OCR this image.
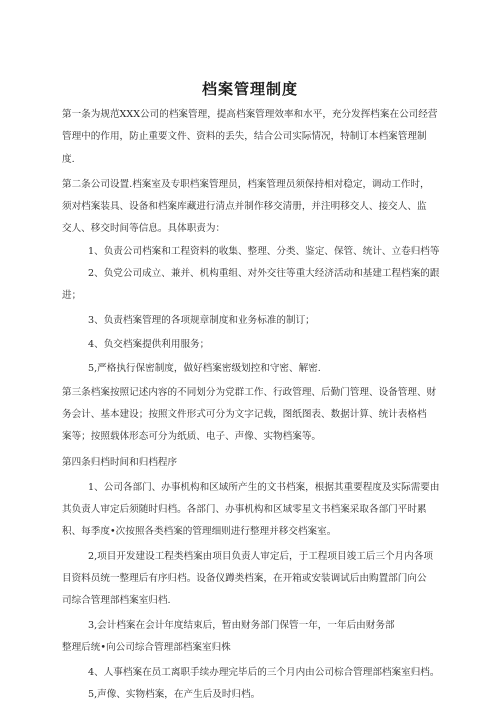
档案管理制度
第一条为规范XXX公司的档案管理，提高档案管理效率和水平，充分发挥档案在公司经营
管理中的作用，防止重要文件、资料的丢失，结合公司实际情况，特制订本档案管理制
度.
第二条公司设置.档案室及专职档案管理员，档案管理员须保持相对稳定，调动工作时，
须对档案装具、设备和档案库藏进行清点并制作移交清册，并注明移交人、接交人、监
交人、移交时间等信息。具体职责为：
1、负责公司档案和工程资料的收集、整理、分类、鉴定、保管、统计、立卷归档等
2、负党公司成立、兼并、机构重组、对外交往等重大经济活动和基建工程档案的跟
进；
3、负责档案管理的各项规章制度和业务标准的制订；
4、负交档案提供利用服务；
5,严格执行保密制度，做好档案密级划控和守密、解密.
第三条档案按照记述内容的不同划分为党群工作、行政管理、后勤门管理、设备管理、财
务会计、基本建设；按照文件形式可分为文字记载，图纸图表、数据计算、统计表格档
案等；按照载体形态可分为纸质、电子、声像、实物档案等。
第四条归档时间和归档程序
1、公司各部门、办事机构和区域所产生的文书档案，根据其重要程度及实际需要由
其负责人审定后须随时归档。各部门、办事机构和区域零星文书档案采取各部门平时累
积、每季度•次按照各类档案的管理细则进行整理并移交档案室。
2,项目开发建设工程类档案由项目负责人审定后，于工程项目竣工后三个月内各项
目资料员统一整理后有序归档。设备仪蹲类档案，在开箱或安装调试后由购置部门向公
司综合管理部档案室归档.
3,会计档案在会计年度结束后，暂由财务部门保管一年，一年后由财务部
整理后统•向公司综合管理部档案室归株
4、人事档案在员工离职手续办理完毕后的三个月内由公司棕合管理部档案室归档。
5,声像、实物档案，在产生后及时归档。
